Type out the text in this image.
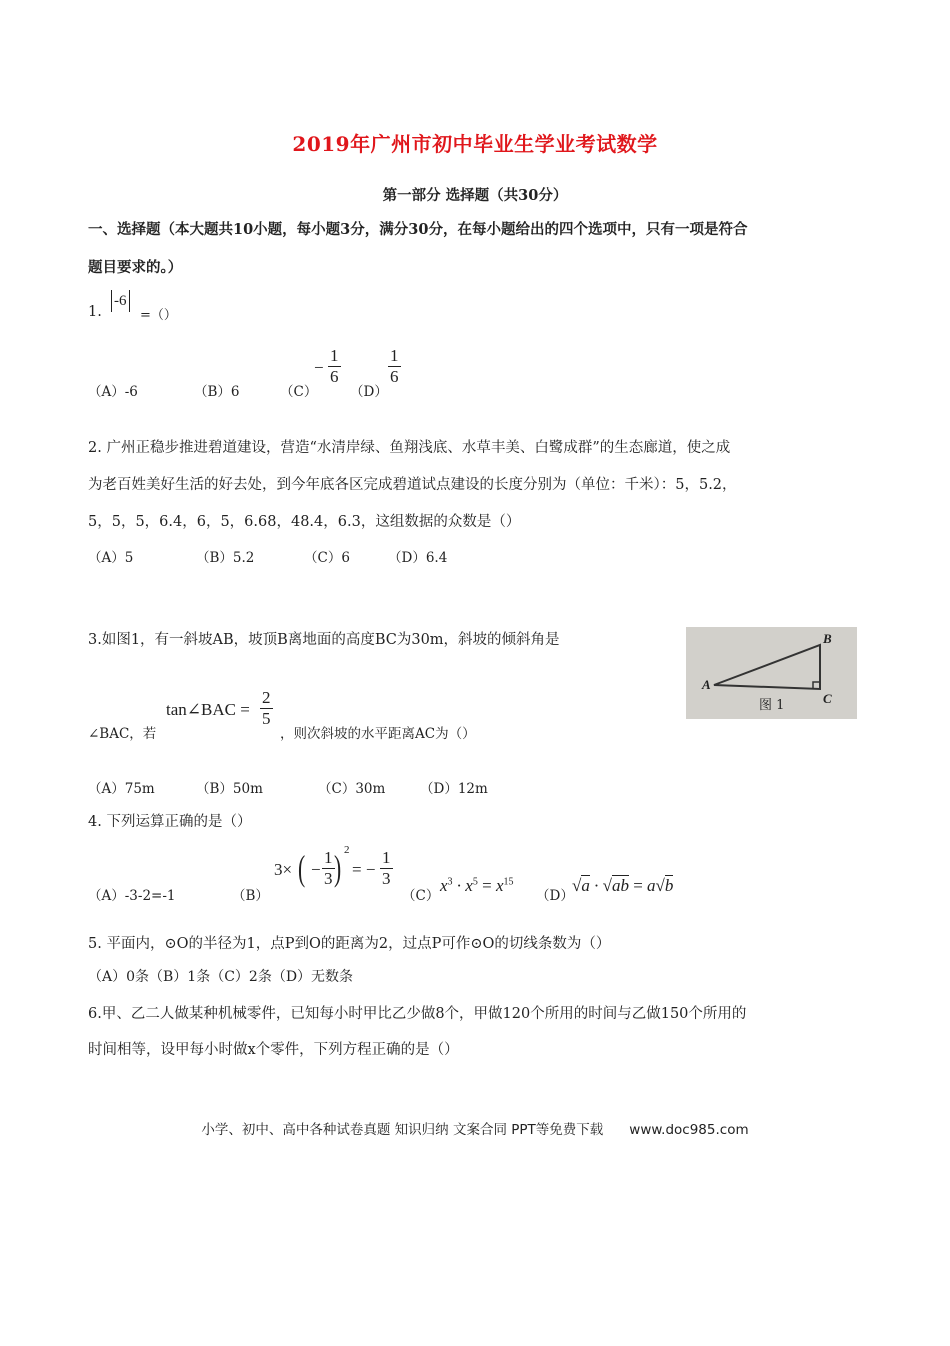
2019年广州市初中毕业生学业考试数学
第一部分 选择题（共30分）
一、选择题（本大题共10小题，每小题3分，满分30分，在每小题给出的四个选项中，只有一项是符合
题目要求的。）
1.
-6
=（）
（A）-6	（B）6	（C）
− $\frac{1}{6}$
（D）
$\frac{1}{6}$
2. 广州正稳步推进碧道建设，营造“水清岸绿、鱼翔浅底、水草丰美、白鹭成群”的生态廊道，使之成
为老百姓美好生活的好去处，到今年底各区完成碧道试点建设的长度分别为（单位：千米）：5，5.2，
5，5，5，6.4，6，5，6.68，48.4，6.3，这组数据的众数是（）
（A）5	（B）5.2	（C）6	（D）6.4
3.如图1，有一斜坡AB，坡顶B离地面的高度BC为30m，斜坡的倾斜角是
∠BAC，若
tan∠BAC = $\frac{2}{5}$
，则次斜坡的水平距离AC为（）
A
B
C
图 1
（A）75m	（B）50m	（C）30m	（D）12m
4. 下列运算正确的是（）
（A）-3-2=-1	（B）
3× ( − $\frac{1}{3}$ ) 2
= − $\frac{1}{3}$
（C）
$x^3 \cdot x^5 = x^{15}$
（D）
√a · √ab = a√b
5. 平面内，⊙O的半径为1，点P到O的距离为2，过点P可作⊙O的切线条数为（）
（A）0条（B）1条（C）2条（D）无数条
6.甲、乙二人做某种机械零件，已知每小时甲比乙少做8个，甲做120个所用的时间与乙做150个所用的
时间相等，设甲每小时做x个零件，下列方程正确的是（）
小学、初中、高中各种试卷真题 知识归纳 文案合同 PPT等免费下载 www.doc985.com
